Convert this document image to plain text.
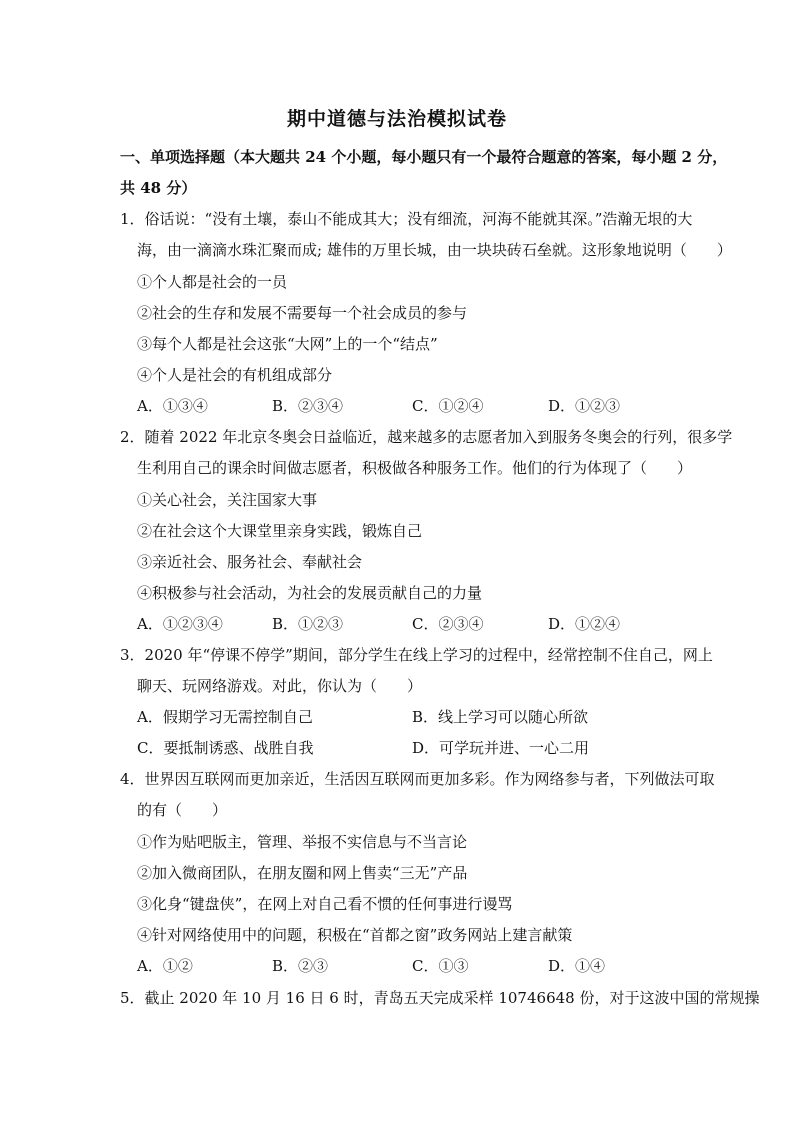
期中道德与法治模拟试卷
一、单项选择题（本大题共 24 个小题，每小题只有一个最符合题意的答案，每小题 2 分，
共 48 分）
1．俗话说：“没有土壤，泰山不能成其大；没有细流，河海不能就其深。”浩瀚无垠的大
海，由一滴滴水珠汇聚而成; 雄伟的万里长城，由一块块砖石垒就。这形象地说明（　　）
①个人都是社会的一员
②社会的生存和发展不需要每一个社会成员的参与
③每个人都是社会这张“大网”上的一个“结点”
④个人是社会的有机组成部分
A．①③④	B．②③④	C．①②④	D．①②③
2．随着 2022 年北京冬奥会日益临近，越来越多的志愿者加入到服务冬奥会的行列，很多学
生利用自己的课余时间做志愿者，积极做各种服务工作。他们的行为体现了（　　）
①关心社会，关注国家大事
②在社会这个大课堂里亲身实践，锻炼自己
③亲近社会、服务社会、奉献社会
④积极参与社会活动，为社会的发展贡献自己的力量
A．①②③④	B．①②③	C．②③④	D．①②④
3．2020 年“停课不停学”期间，部分学生在线上学习的过程中，经常控制不住自己，网上
聊天、玩网络游戏。对此，你认为（　　）
A．假期学习无需控制自己	B．线上学习可以随心所欲
C．要抵制诱惑、战胜自我	D．可学玩并进、一心二用
4．世界因互联网而更加亲近，生活因互联网而更加多彩。作为网络参与者，下列做法可取
的有（　　）
①作为贴吧版主，管理、举报不实信息与不当言论
②加入微商团队，在朋友圈和网上售卖“三无”产品
③化身“键盘侠”，在网上对自己看不惯的任何事进行谩骂
④针对网络使用中的问题，积极在“首都之窗”政务网站上建言献策
A．①②	B．②③	C．①③	D．①④
5．截止 2020 年 10 月 16 日 6 时，青岛五天完成采样 10746648 份，对于这波中国的常规操
